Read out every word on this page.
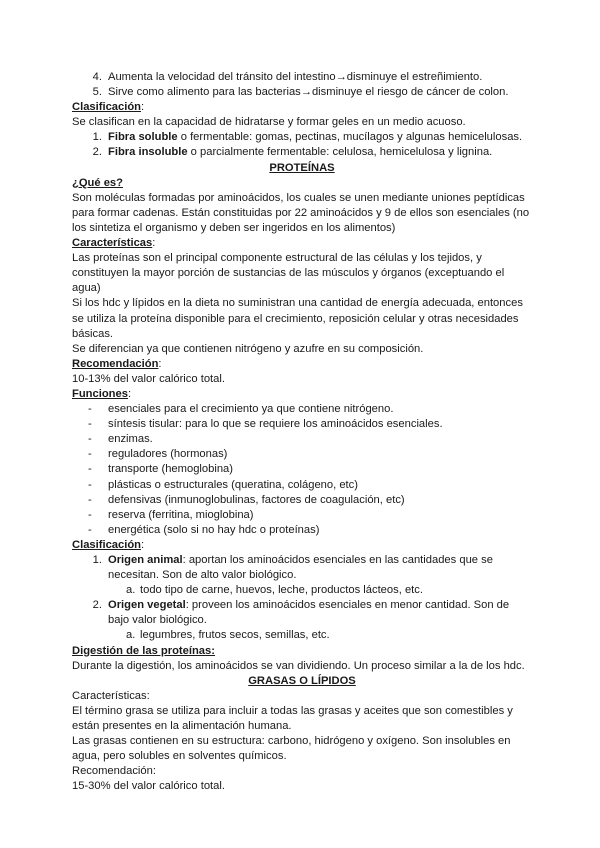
4. Aumenta la velocidad del tránsito del intestino→disminuye el estreñimiento.
5. Sirve como alimento para las bacterias→disminuye el riesgo de cáncer de colon.
Clasificación:
Se clasifican en la capacidad de hidratarse y formar geles en un medio acuoso.
1. Fibra soluble o fermentable: gomas, pectinas, mucílagos y algunas hemicelulosas.
2. Fibra insoluble o parcialmente fermentable: celulosa, hemicelulosa y lignina.
PROTEÍNAS
¿Qué es?
Son moléculas formadas por aminoácidos, los cuales se unen mediante uniones peptídicas
para formar cadenas. Están constituidas por 22 aminoácidos y 9 de ellos son esenciales (no
los sintetiza el organismo y deben ser ingeridos en los alimentos)
Características:
Las proteínas son el principal componente estructural de las células y los tejidos, y
constituyen la mayor porción de sustancias de las músculos y órganos (exceptuando el
agua)
Si los hdc y lípidos en la dieta no suministran una cantidad de energía adecuada, entonces
se utiliza la proteína disponible para el crecimiento, reposición celular y otras necesidades
básicas.
Se diferencian ya que contienen nitrógeno y azufre en su composición.
Recomendación:
10-13% del valor calórico total.
Funciones:
- esenciales para el crecimiento ya que contiene nitrógeno.
- síntesis tisular: para lo que se requiere los aminoácidos esenciales.
- enzimas.
- reguladores (hormonas)
- transporte (hemoglobina)
- plásticas o estructurales (queratina, colágeno, etc)
- defensivas (inmunoglobulinas, factores de coagulación, etc)
- reserva (ferritina, mioglobina)
- energética (solo si no hay hdc o proteínas)
Clasificación:
1. Origen animal: aportan los aminoácidos esenciales en las cantidades que se
necesitan. Son de alto valor biológico.
a. todo tipo de carne, huevos, leche, productos lácteos, etc.
2. Origen vegetal: proveen los aminoácidos esenciales en menor cantidad. Son de
bajo valor biológico.
a. legumbres, frutos secos, semillas, etc.
Digestión de las proteínas:
Durante la digestión, los aminoácidos se van dividiendo. Un proceso similar a la de los hdc.
GRASAS O LÍPIDOS
Características:
El término grasa se utiliza para incluir a todas las grasas y aceites que son comestibles y
están presentes en la alimentación humana.
Las grasas contienen en su estructura: carbono, hidrógeno y oxígeno. Son insolubles en
agua, pero solubles en solventes químicos.
Recomendación:
15-30% del valor calórico total.
